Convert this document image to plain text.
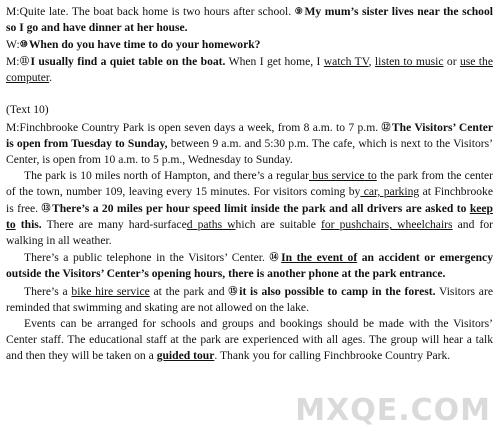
M:Quite late. The boat back home is two hours after school. ⑨My mum’s sister lives near the school so I go and have dinner at her house.

W:⑩When do you have time to do your homework?

M:⑪I usually find a quiet table on the boat. When I get home, I watch TV, listen to music or use the computer.

(Text 10)

M:Finchbrooke Country Park is open seven days a week, from 8 a.m. to 7 p.m. ⑫The Visitors’ Center is open from Tuesday to Sunday, between 9 a.m. and 5:30 p.m. The cafe, which is next to the Visitors’ Center, is open from 10 a.m. to 5 p.m., Wednesday to Sunday.

The park is 10 miles north of Hampton, and there’s a regular bus service to the park from the center of the town, number 109, leaving every 15 minutes. For visitors coming by car, parking at Finchbrooke is free. ⑬There’s a 20 miles per hour speed limit inside the park and all drivers are asked to keep to this. There are many hard-surfaced paths which are suitable for pushchairs, wheelchairs and for walking in all weather.

There’s a public telephone in the Visitors’ Center. ⑭In the event of an accident or emergency outside the Visitors’ Center’s opening hours, there is another phone at the park entrance.

There’s a bike hire service at the park and ⑮it is also possible to camp in the forest. Visitors are reminded that swimming and skating are not allowed on the lake.

Events can be arranged for schools and groups and bookings should be made with the Visitors’ Center staff. The educational staff at the park are experienced with all ages. The group will hear a talk and then they will be taken on a guided tour. Thank you for calling Finchbrooke Country Park.

MXQE.COM
